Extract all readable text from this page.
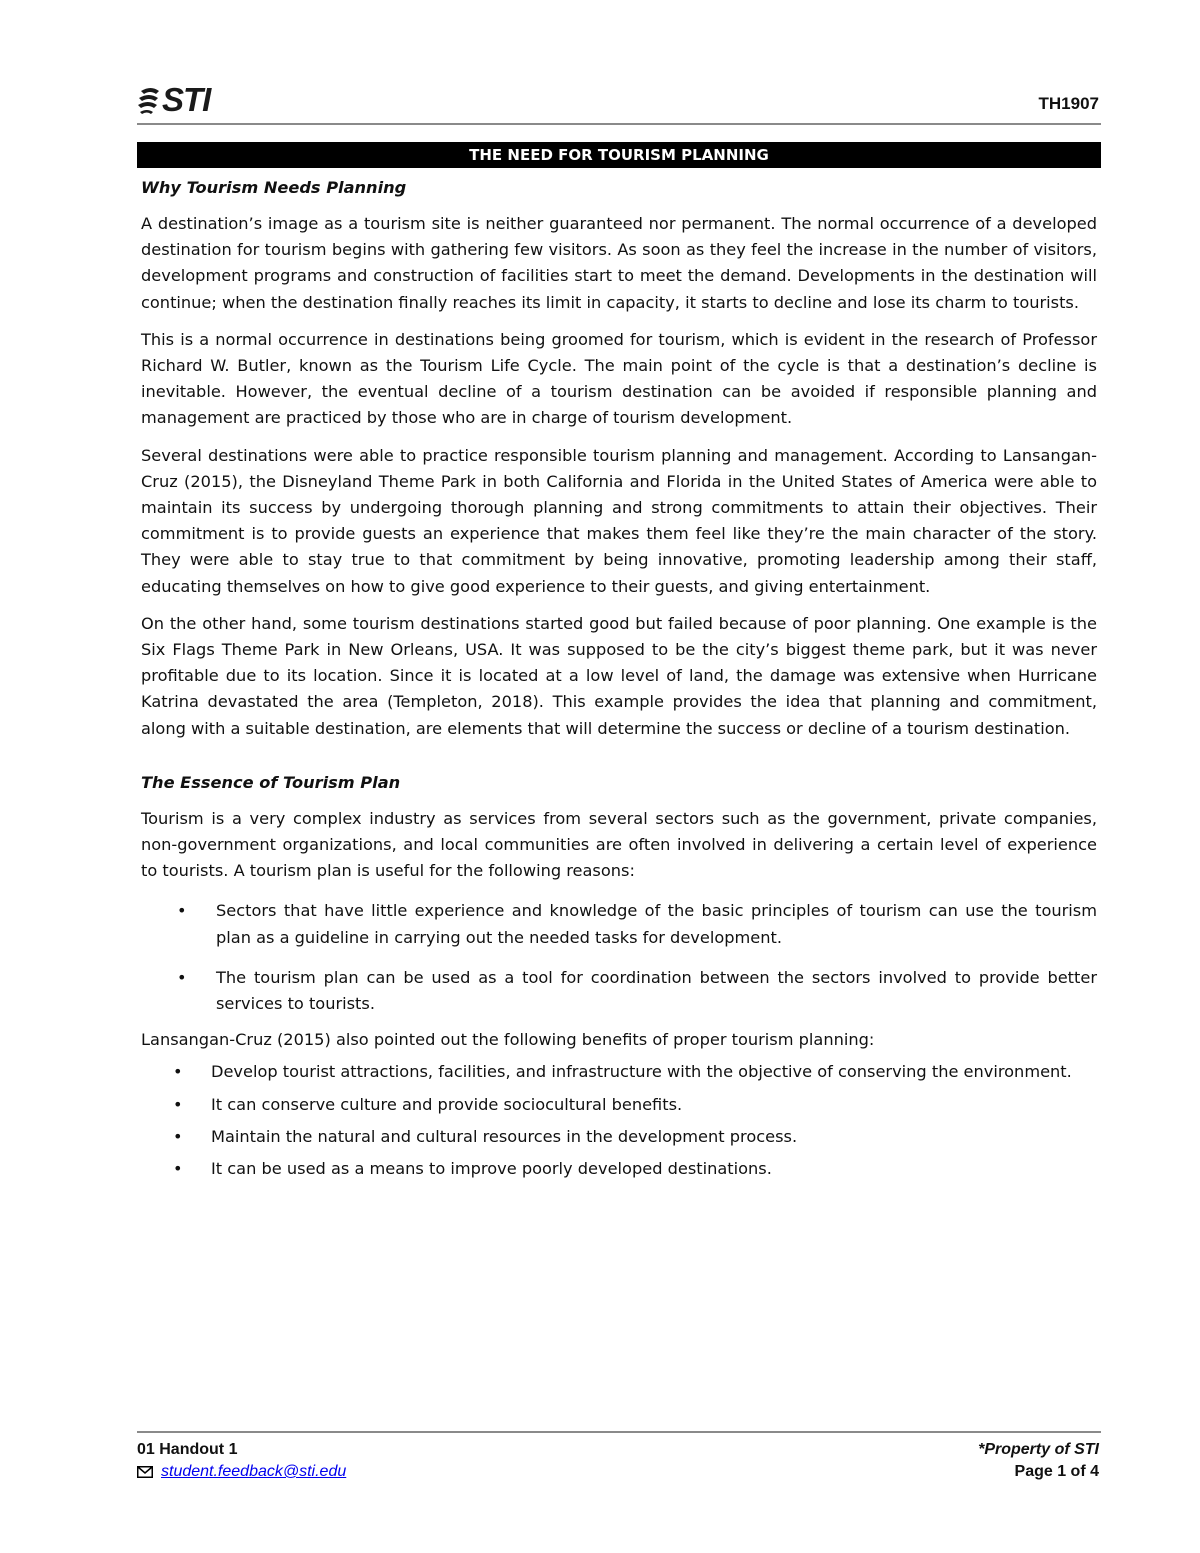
STI	TH1907
THE NEED FOR TOURISM PLANNING

Why Tourism Needs Planning

A destination’s image as a tourism site is neither guaranteed nor permanent. The normal occurrence of a developed destination for tourism begins with gathering few visitors. As soon as they feel the increase in the number of visitors, development programs and construction of facilities start to meet the demand. Developments in the destination will continue; when the destination finally reaches its limit in capacity, it starts to decline and lose its charm to tourists.

This is a normal occurrence in destinations being groomed for tourism, which is evident in the research of Professor Richard W. Butler, known as the Tourism Life Cycle. The main point of the cycle is that a destination’s decline is inevitable. However, the eventual decline of a tourism destination can be avoided if responsible planning and management are practiced by those who are in charge of tourism development.

Several destinations were able to practice responsible tourism planning and management. According to Lansangan-Cruz (2015), the Disneyland Theme Park in both California and Florida in the United States of America were able to maintain its success by undergoing thorough planning and strong commitments to attain their objectives. Their commitment is to provide guests an experience that makes them feel like they’re the main character of the story. They were able to stay true to that commitment by being innovative, promoting leadership among their staff, educating themselves on how to give good experience to their guests, and giving entertainment.

On the other hand, some tourism destinations started good but failed because of poor planning. One example is the Six Flags Theme Park in New Orleans, USA. It was supposed to be the city’s biggest theme park, but it was never profitable due to its location. Since it is located at a low level of land, the damage was extensive when Hurricane Katrina devastated the area (Templeton, 2018). This example provides the idea that planning and commitment, along with a suitable destination, are elements that will determine the success or decline of a tourism destination.

The Essence of Tourism Plan

Tourism is a very complex industry as services from several sectors such as the government, private companies, non-government organizations, and local communities are often involved in delivering a certain level of experience to tourists. A tourism plan is useful for the following reasons:

• Sectors that have little experience and knowledge of the basic principles of tourism can use the tourism plan as a guideline in carrying out the needed tasks for development.
• The tourism plan can be used as a tool for coordination between the sectors involved to provide better services to tourists.

Lansangan-Cruz (2015) also pointed out the following benefits of proper tourism planning:

• Develop tourist attractions, facilities, and infrastructure with the objective of conserving the environment.
• It can conserve culture and provide sociocultural benefits.
• Maintain the natural and cultural resources in the development process.
• It can be used as a means to improve poorly developed destinations.
01 Handout 1
student.feedback@sti.edu
*Property of STI
Page 1 of 4
